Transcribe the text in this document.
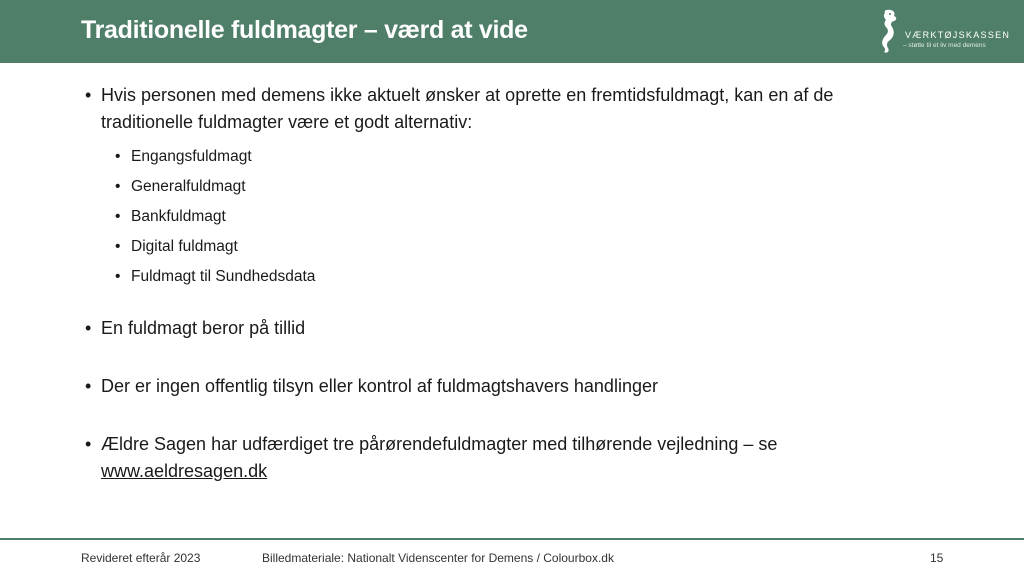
Traditionelle fuldmagter – værd at vide	VÆRKTØJSKASSEN
– støtte til et liv med demens
• Hvis personen med demens ikke aktuelt ønsker at oprette en fremtidsfuldmagt, kan en af de traditionelle fuldmagter være et godt alternativ:
• Engangsfuldmagt
• Generalfuldmagt
• Bankfuldmagt
• Digital fuldmagt
• Fuldmagt til Sundhedsdata
• En fuldmagt beror på tillid
• Der er ingen offentlig tilsyn eller kontrol af fuldmagtshavers handlinger
• Ældre Sagen har udfærdiget tre pårørendefuldmagter med tilhørende vejledning – se
www.aeldresagen.dk
Revideret efterår 2023	Billedmateriale: Nationalt Videnscenter for Demens / Colourbox.dk	15
